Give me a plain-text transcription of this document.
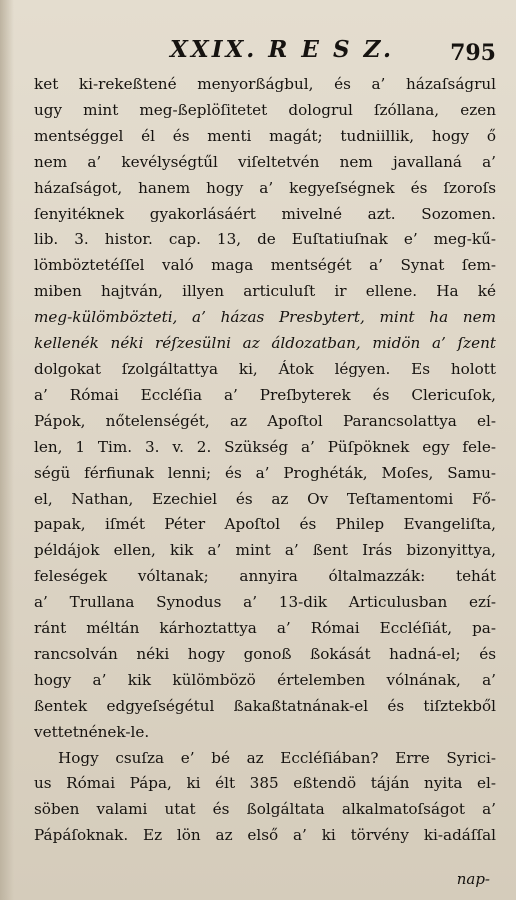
XXIX. R E S Z.	795
ket ki-rekeßtené menyorßágbul, és a’ házaſságrul
ugy mint meg-ßeplöſitetet dologrul ſzóllana, ezen
mentséggel él és menti magát; tudniillik, hogy ő
nem a’ kevélységtűl viſeltetvén nem javallaná a’
házaſságot, hanem hogy a’ kegyeſségnek és ſzoroſs
ſenyitéknek gyakorlásáért mivelné azt. Sozomen.
lib. 3. histor. cap. 13, de Euſtatiuſnak e’ meg-kű-
lömböztetéſſel való maga mentségét a’ Synat ſem-
miben hajtván, illyen articuluſt ir ellene. Ha ké
meg-külömbözteti, a’ házas Presbytert, mint ha nem
kellenék néki réſzesülni az áldozatban, midön a’ ſzent
dolgokat ſzolgáltattya ki, Átok légyen. Es holott
a’ Római Eccléſia a’ Preſbyterek és Clericuſok,
Pápok, nőtelenségét, az Apoſtol Parancsolattya el-
len, 1 Tim. 3. v. 2. Szükség a’ Püſpöknek egy fele-
ségü férfiunak lenni; és a’ Proghéták, Moſes, Samu-
el, Nathan, Ezechiel és az Ov Teſtamentomi Fő-
papak, iſmét Péter Apoſtol és Philep Evangeliſta,
példájok ellen, kik a’ mint a’ ßent Irás bizonyittya,
feleségek vóltanak; annyira óltalmazzák: tehát
a’ Trullana Synodus a’ 13-dik Articulusban ezí-
ránt méltán kárhoztattya a’ Római Eccléſiát, pa-
rancsolván néki hogy gonoß ßokását hadná-el; és
hogy a’ kik külömbözö értelemben vólnának, a’
ßentek edgyeſségétul ßakaßtatnának-el és tiſztekből
vettetnének-le.
Hogy csuſza e’ bé az Eccléſiában? Erre Syrici-
us Római Pápa, ki élt 385 eßtendö táján nyita el-
söben valami utat és ßolgáltata alkalmatoſságot a’
Pápáſoknak. Ez lön az első a’ ki törvény ki-adáſſal
nap-
